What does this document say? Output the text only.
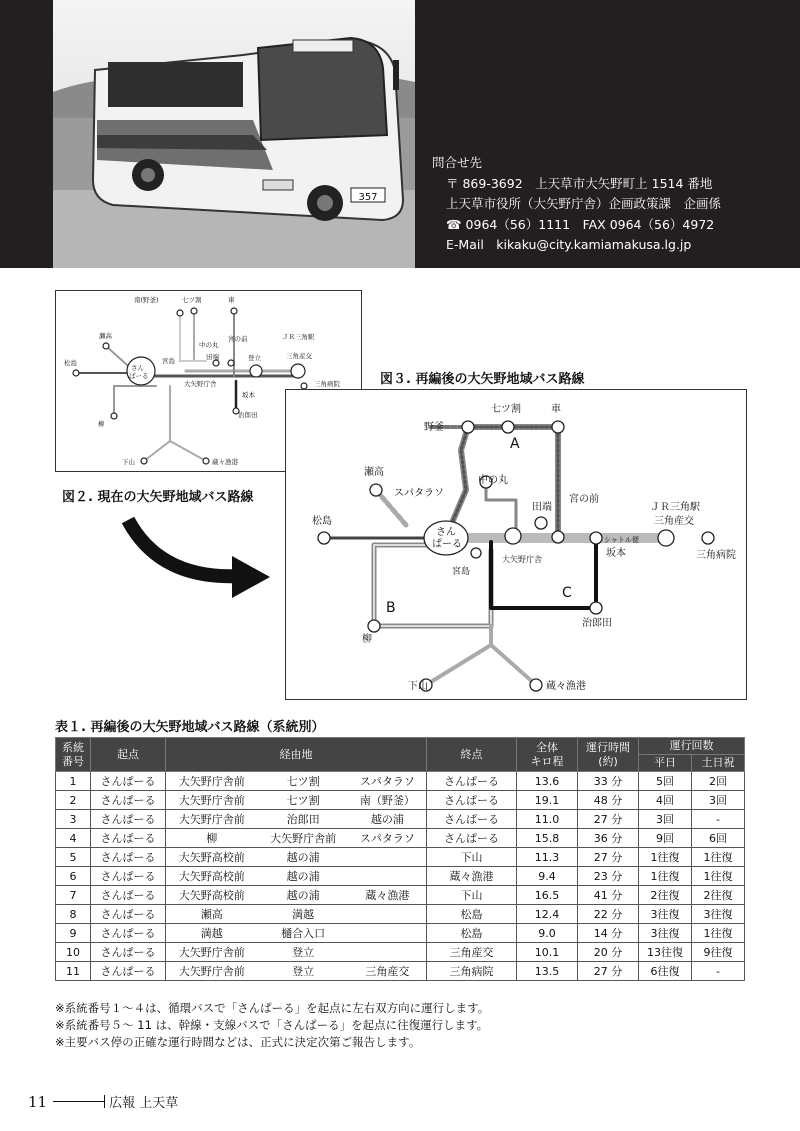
357
問合せ先
〒 869-3692　上天草市大矢野町上 1514 番地
上天草市役所（大矢野庁舎）企画政策課　企画係
☎ 0964（56）1111　FAX 0964（56）4972
E-Mail　kikaku@city.kamiamakusa.lg.jp
南(野釜)	七ツ割	車
瀬高
中の丸
宮の前	ＪＲ三角駅
三角産交
田端	登立
松島
さん
ぱーる
宮島
大矢野庁舎
坂本
三角病院
治郎田
柳
下山	蔵々漁港
図２. 現在の大矢野地域バス路線
図３. 再編後の大矢野地域バス路線
野釜
七ツ割	車
A
瀬高
中の丸
スパタラソ
田端
宮の前
ＪＲ三角駅
三角産交
松島
さん
ぱーる	シャトル便
三角病院
坂本
宮島
大矢野庁舎
C
B
治郎田
柳
下山	蔵々漁港
表１. 再編後の大矢野地域バス路線（系統別）
系統
番号	起点	経由地			終点	全体
キロ程	運行時間
(約)	運行回数	
								平日	土日祝
1	さんぱーる	大矢野庁舎前	七ツ割	スパタラソ	さんぱーる	13.6	33 分	5回	2回
2	さんぱーる	大矢野庁舎前	七ツ割	南（野釜）	さんぱーる	19.1	48 分	4回	3回
3	さんぱーる	大矢野庁舎前	治郎田	越の浦	さんぱーる	11.0	27 分	3回	-
4	さんぱーる	柳	大矢野庁舎前	スパタラソ	さんぱーる	15.8	36 分	9回	6回
5	さんぱーる	大矢野高校前	越の浦		下山	11.3	27 分	1往復	1往復
6	さんぱーる	大矢野高校前	越の浦		蔵々漁港	9.4	23 分	1往復	1往復
7	さんぱーる	大矢野高校前	越の浦	蔵々漁港	下山	16.5	41 分	2往復	2往復
8	さんぱーる	瀬高	満越		松島	12.4	22 分	3往復	3往復
9	さんぱーる	満越	樋合入口		松島	9.0	14 分	3往復	1往復
10	さんぱーる	大矢野庁舎前	登立		三角産交	10.1	20 分	13往復	9往復
11	さんぱーる	大矢野庁舎前	登立	三角産交	三角病院	13.5	27 分	6往復	-
※系統番号１～４は、循環バスで「さんぱーる」を起点に左右双方向に運行します。
※系統番号５～ 11 は、幹線・支線バスで「さんぱーる」を起点に往復運行します。
※主要バス停の正確な運行時間などは、正式に決定次第ご報告します。
11	広報 上天草
